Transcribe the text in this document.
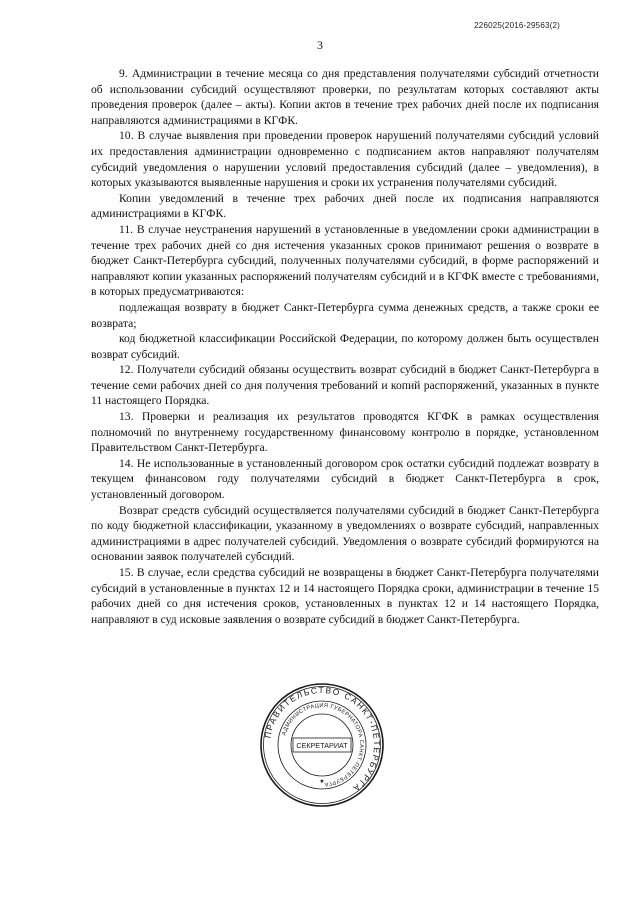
226025(2016-29563(2)
3

9. Администрации в течение месяца со дня представления получателями субсидий отчетности об использовании субсидий осуществляют проверки, по результатам которых составляют акты проведения проверок (далее – акты). Копии актов в течение трех рабочих дней после их подписания направляются администрациями в КГФК.

10. В случае выявления при проведении проверок нарушений получателями субсидий условий их предоставления администрации одновременно с подписанием актов направляют получателям субсидий уведомления о нарушении условий предоставления субсидий (далее – уведомления), в которых указываются выявленные нарушения и сроки их устранения получателями субсидий.

Копии уведомлений в течение трех рабочих дней после их подписания направляются администрациями в КГФК.

11. В случае неустранения нарушений в установленные в уведомлении сроки администрации в течение трех рабочих дней со дня истечения указанных сроков принимают решения о возврате в бюджет Санкт-Петербурга субсидий, полученных получателями субсидий, в форме распоряжений и направляют копии указанных распоряжений получателям субсидий и в КГФК вместе с требованиями, в которых предусматриваются:

подлежащая возврату в бюджет Санкт-Петербурга сумма денежных средств, а также сроки ее возврата;

код бюджетной классификации Российской Федерации, по которому должен быть осуществлен возврат субсидий.

12. Получатели субсидий обязаны осуществить возврат субсидий в бюджет Санкт-Петербурга в течение семи рабочих дней со дня получения требований и копий распоряжений, указанных в пункте 11 настоящего Порядка.

13. Проверки и реализация их результатов проводятся КГФК в рамках осуществления полномочий по внутреннему государственному финансовому контролю в порядке, установленном Правительством Санкт-Петербурга.

14. Не использованные в установленный договором срок остатки субсидий подлежат возврату в текущем финансовом году получателями субсидий в бюджет Санкт-Петербурга в срок, установленный договором.

Возврат средств субсидий осуществляется получателями субсидий в бюджет Санкт-Петербурга по коду бюджетной классификации, указанному в уведомлениях о возврате субсидий, направленных администрациями в адрес получателей субсидий. Уведомления о возврате субсидий формируются на основании заявок получателей субсидий.

15. В случае, если средства субсидий не возвращены в бюджет Санкт-Петербурга получателями субсидий в установленные в пунктах 12 и 14 настоящего Порядка сроки, администрации в течение 15 рабочих дней со дня истечения сроков, установленных в пунктах 12 и 14 настоящего Порядка, направляют в суд исковые заявления о возврате субсидий в бюджет Санкт-Петербурга.

ПРАВИТЕЛЬСТВО САНКТ-ПЕТЕРБУРГА
АДМИНИСТРАЦИЯ ГУБЕРНАТОРА САНКТ-ПЕТЕРБУРГА
СЕКРЕТАРИАТ
★
